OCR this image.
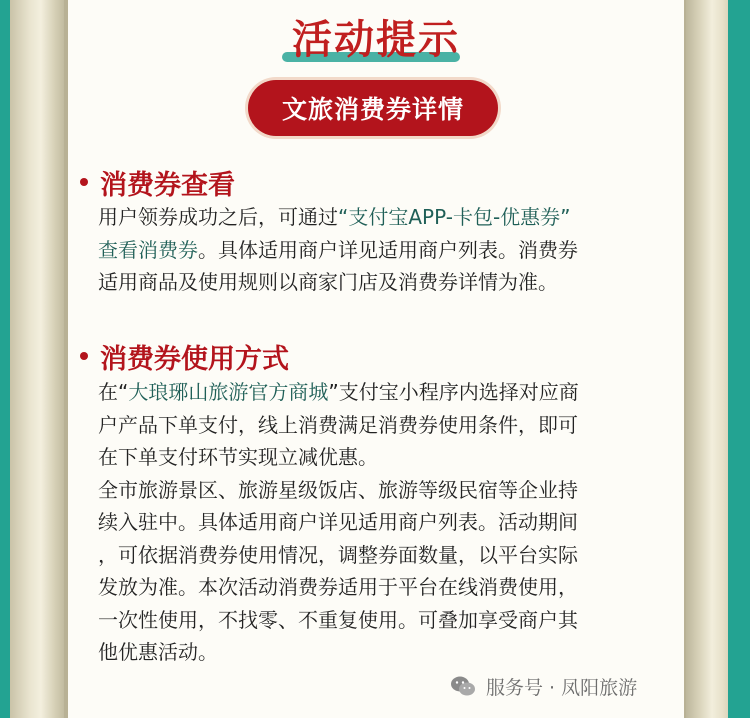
活动提示
文旅消费券详情
消费券查看
用户领券成功之后，可通过“支付宝APP-卡包-优惠券”
查看消费券。具体适用商户详见适用商户列表。消费券
适用商品及使用规则以商家门店及消费券详情为准。
消费券使用方式
在“大琅琊山旅游官方商城”支付宝小程序内选择对应商
户产品下单支付，线上消费满足消费券使用条件，即可
在下单支付环节实现立减优惠。
全市旅游景区、旅游星级饭店、旅游等级民宿等企业持
续入驻中。具体适用商户详见适用商户列表。活动期间
，可依据消费券使用情况，调整券面数量，以平台实际
发放为准。本次活动消费券适用于平台在线消费使用，
一次性使用，不找零、不重复使用。可叠加享受商户其
他优惠活动。
服务号 · 凤阳旅游
